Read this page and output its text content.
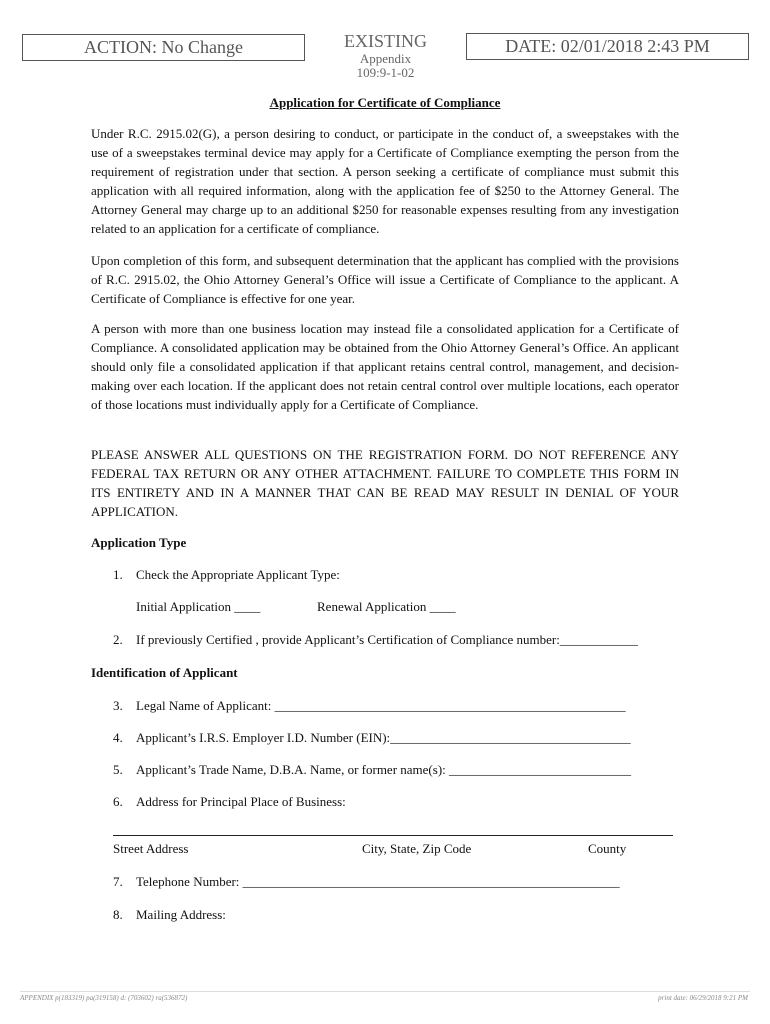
ACTION: No Change	EXISTING
Appendix
109:9-1-02
DATE: 02/01/2018 2:43 PM
Application for Certificate of Compliance

Under R.C. 2915.02(G), a person desiring to conduct, or participate in the conduct of, a sweepstakes with the use of a sweepstakes terminal device may apply for a Certificate of Compliance exempting the person from the requirement of registration under that section. A person seeking a certificate of compliance must submit this application with all required information, along with the application fee of $250 to the Attorney General. The Attorney General may charge up to an additional $250 for reasonable expenses resulting from any investigation related to an application for a certificate of compliance.

Upon completion of this form, and subsequent determination that the applicant has complied with the provisions of R.C. 2915.02, the Ohio Attorney General’s Office will issue a Certificate of Compliance to the applicant. A Certificate of Compliance is effective for one year.

A person with more than one business location may instead file a consolidated application for a Certificate of Compliance. A consolidated application may be obtained from the Ohio Attorney General’s Office. An applicant should only file a consolidated application if that applicant retains central control, management, and decision-making over each location. If the applicant does not retain central control over multiple locations, each operator of those locations must individually apply for a Certificate of Compliance.

PLEASE ANSWER ALL QUESTIONS ON THE REGISTRATION FORM. DO NOT REFERENCE ANY FEDERAL TAX RETURN OR ANY OTHER ATTACHMENT. FAILURE TO COMPLETE THIS FORM IN ITS ENTIRETY AND IN A MANNER THAT CAN BE READ MAY RESULT IN DENIAL OF YOUR APPLICATION.

Application Type
1. Check the Appropriate Applicant Type:
Initial Application ____	Renewal Application ____
2. If previously Certified , provide Applicant’s Certification of Compliance number:____________
Identification of Applicant
3. Legal Name of Applicant: ______________________________________________________
4. Applicant’s I.R.S. Employer I.D. Number (EIN):_____________________________________
5. Applicant’s Trade Name, D.B.A. Name, or former name(s): ____________________________
6. Address for Principal Place of Business:
Street Address	City, State, Zip Code	County
7. Telephone Number: __________________________________________________________
8. Mailing Address:
APPENDIX p(183319) pa(319158) d: (703602) ra(536872)	print date: 06/29/2018 9:21 PM
